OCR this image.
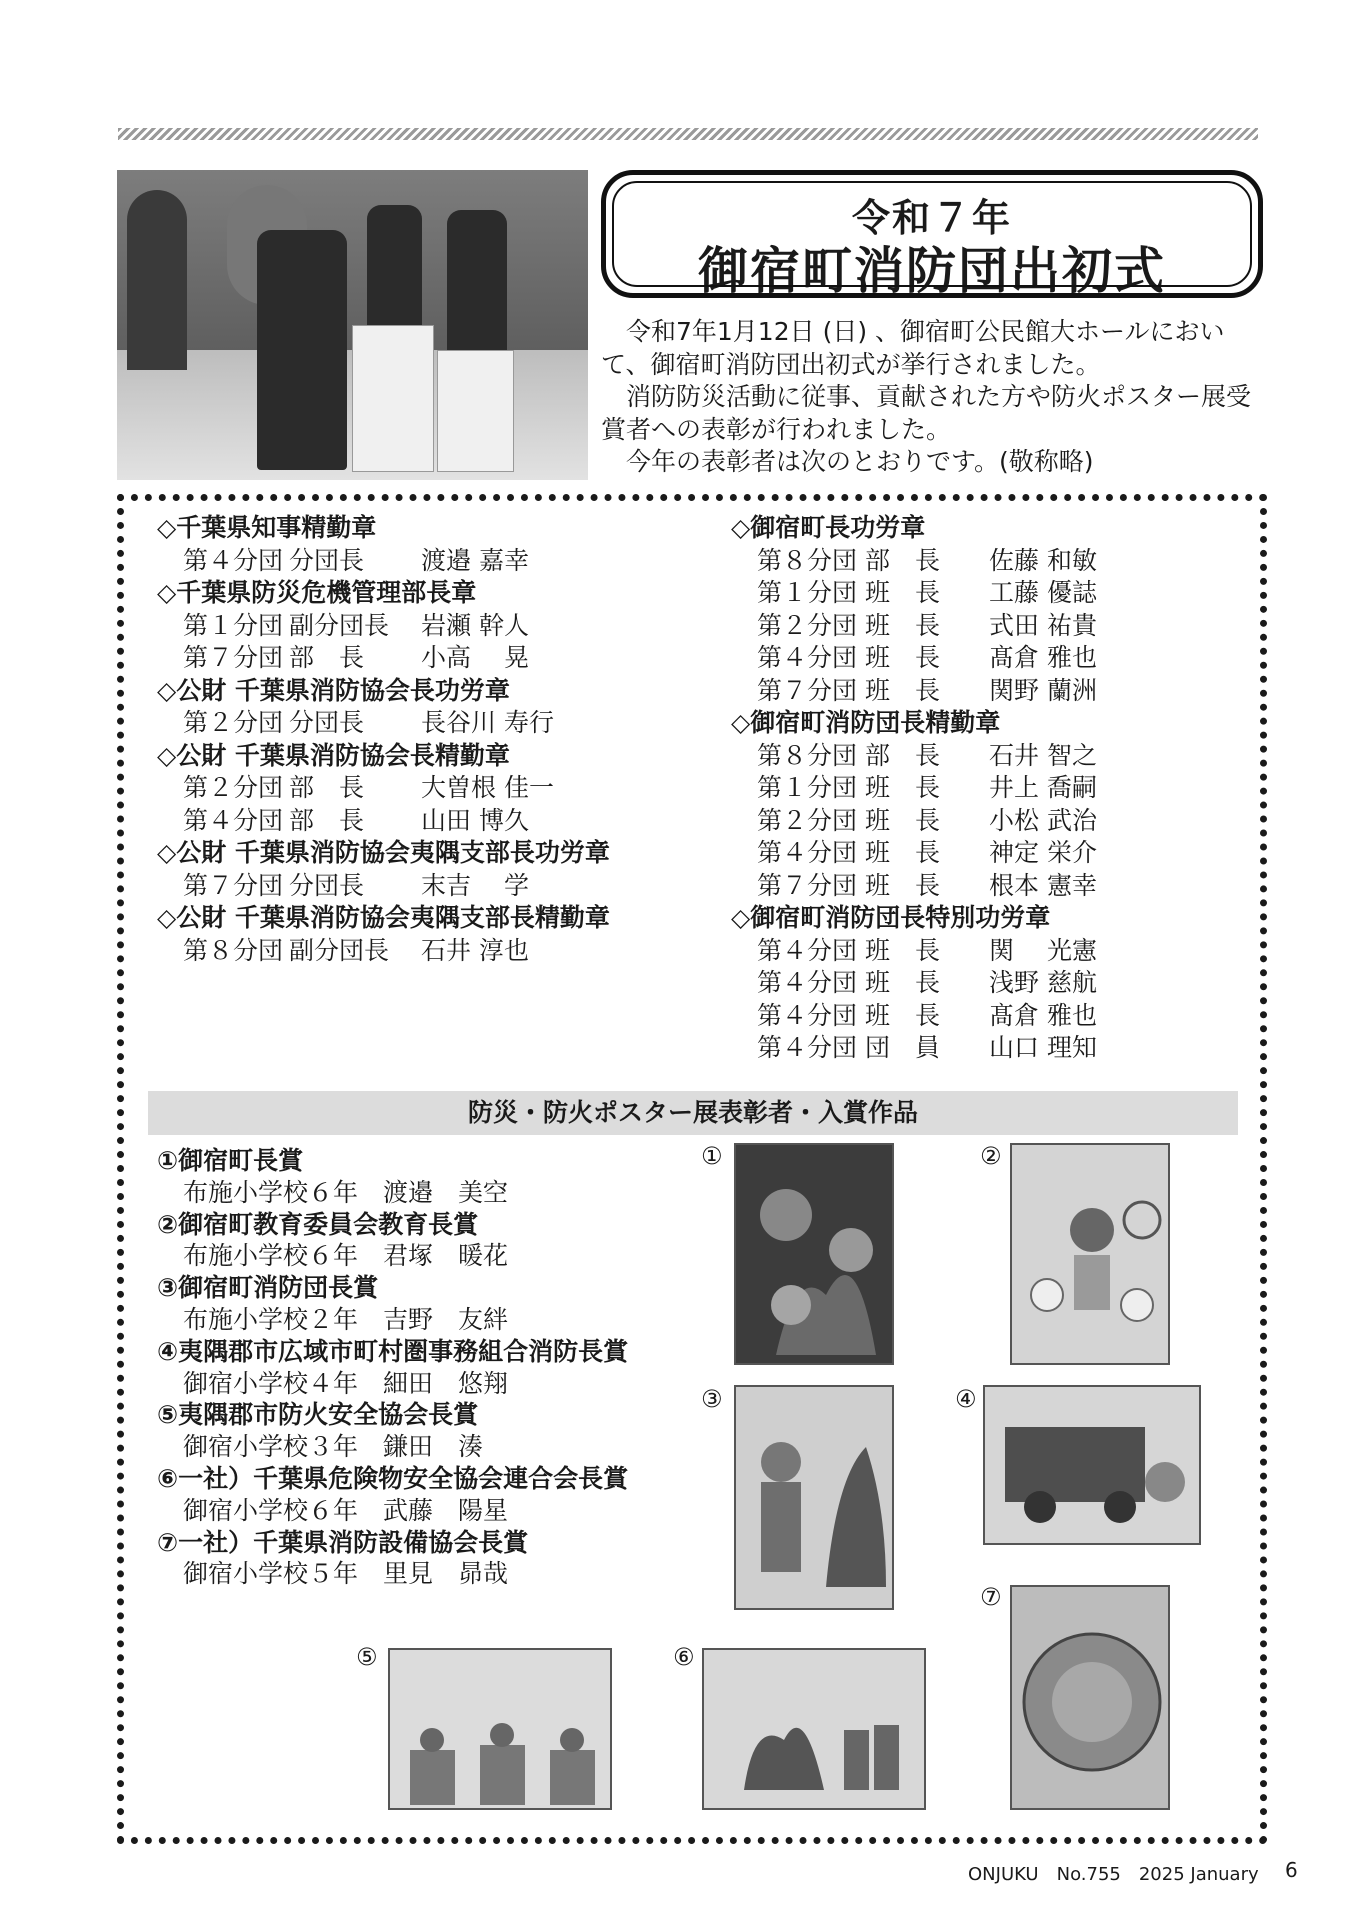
令和７年
御宿町消防団出初式

　令和7年1月12日 (日) 、御宿町公民館大ホールにおいて、御宿町消防団出初式が挙行されました。

　消防防災活動に従事、貢献された方や防火ポスター展受賞者への表彰が行われました。

　今年の表彰者は次のとおりです。(敬称略)

◇千葉県知事精勤章
第４分団 分団長	渡邉 嘉幸
◇千葉県防災危機管理部長章
第１分団 副分団長	岩瀬 幹人
第７分団 部　長	小高　 晃
◇公財 千葉県消防協会長功労章
第２分団 分団長	長谷川 寿行
◇公財 千葉県消防協会長精勤章
第２分団 部　長	大曽根 佳一
第４分団 部　長	山田 博久
◇公財 千葉県消防協会夷隅支部長功労章
第７分団 分団長	末吉　 学
◇公財 千葉県消防協会夷隅支部長精勤章
第８分団 副分団長	石井 淳也
◇御宿町長功労章
第８分団 部　長	佐藤 和敏
第１分団 班　長	工藤 優誌
第２分団 班　長	式田 祐貴
第４分団 班　長	髙倉 雅也
第７分団 班　長	関野 蘭洲
◇御宿町消防団長精勤章
第８分団 部　長	石井 智之
第１分団 班　長	井上 喬嗣
第２分団 班　長	小松 武治
第４分団 班　長	神定 栄介
第７分団 班　長	根本 憲幸
◇御宿町消防団長特別功労章
第４分団 班　長	関　 光憲
第４分団 班　長	浅野 慈航
第４分団 班　長	髙倉 雅也
第４分団 団　員	山口 理知
防災・防火ポスター展表彰者・入賞作品
①御宿町長賞
布施小学校６年　渡邉　美空
②御宿町教育委員会教育長賞
布施小学校６年　君塚　暖花
③御宿町消防団長賞
布施小学校２年　吉野　友絆
④夷隅郡市広域市町村圏事務組合消防長賞
御宿小学校４年　細田　悠翔
⑤夷隅郡市防火安全協会長賞
御宿小学校３年　鎌田　湊
⑥一社）千葉県危険物安全協会連合会長賞
御宿小学校６年　武藤　陽星
⑦一社）千葉県消防設備協会長賞
御宿小学校５年　里見　昴哉
①	②
③	④
⑤	⑥
⑦
ONJUKU　No.755　2025 January 6
